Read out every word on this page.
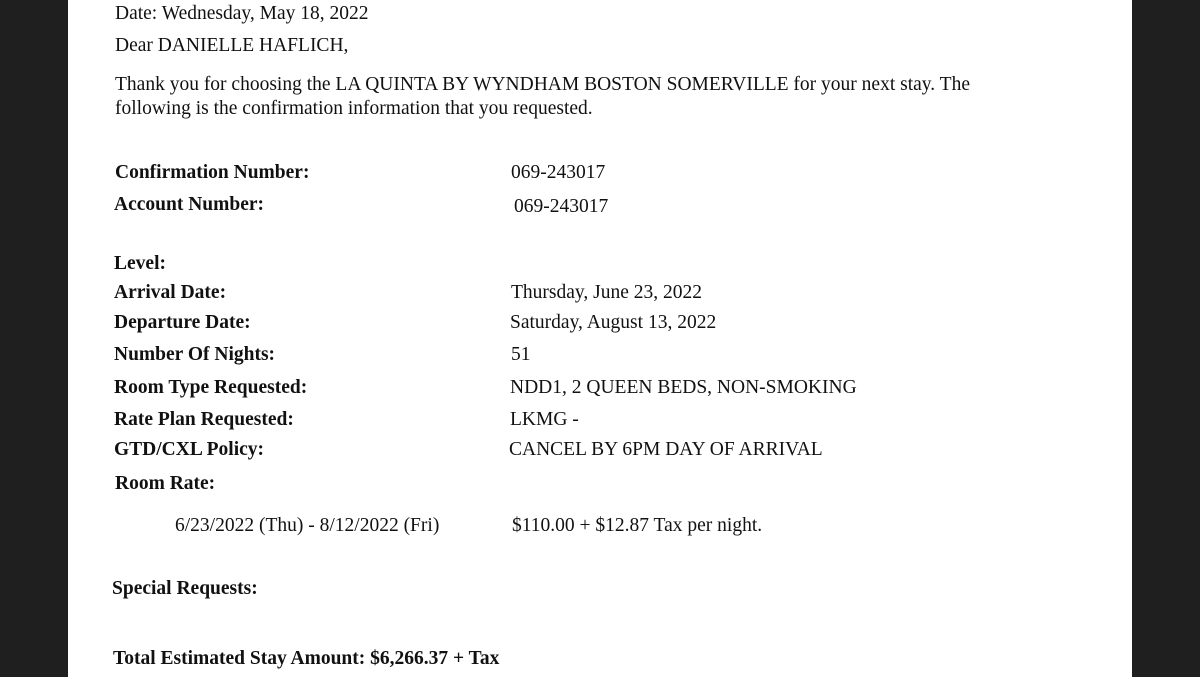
Date: Wednesday, May 18, 2022
Dear DANIELLE HAFLICH,
Thank you for choosing the LA QUINTA BY WYNDHAM BOSTON SOMERVILLE for your next stay. The
following is the confirmation information that you requested.
Confirmation Number:	069-243017
Account Number:	069-243017
Level:
Arrival Date:	Thursday, June 23, 2022
Departure Date:	Saturday, August 13, 2022
Number Of Nights:	51
Room Type Requested:	NDD1, 2 QUEEN BEDS, NON-SMOKING
Rate Plan Requested:	LKMG -
GTD/CXL Policy:	CANCEL BY 6PM DAY OF ARRIVAL
Room Rate:
6/23/2022 (Thu) - 8/12/2022 (Fri)	$110.00 + $12.87 Tax per night.
Special Requests:
Total Estimated Stay Amount: $6,266.37 + Tax
